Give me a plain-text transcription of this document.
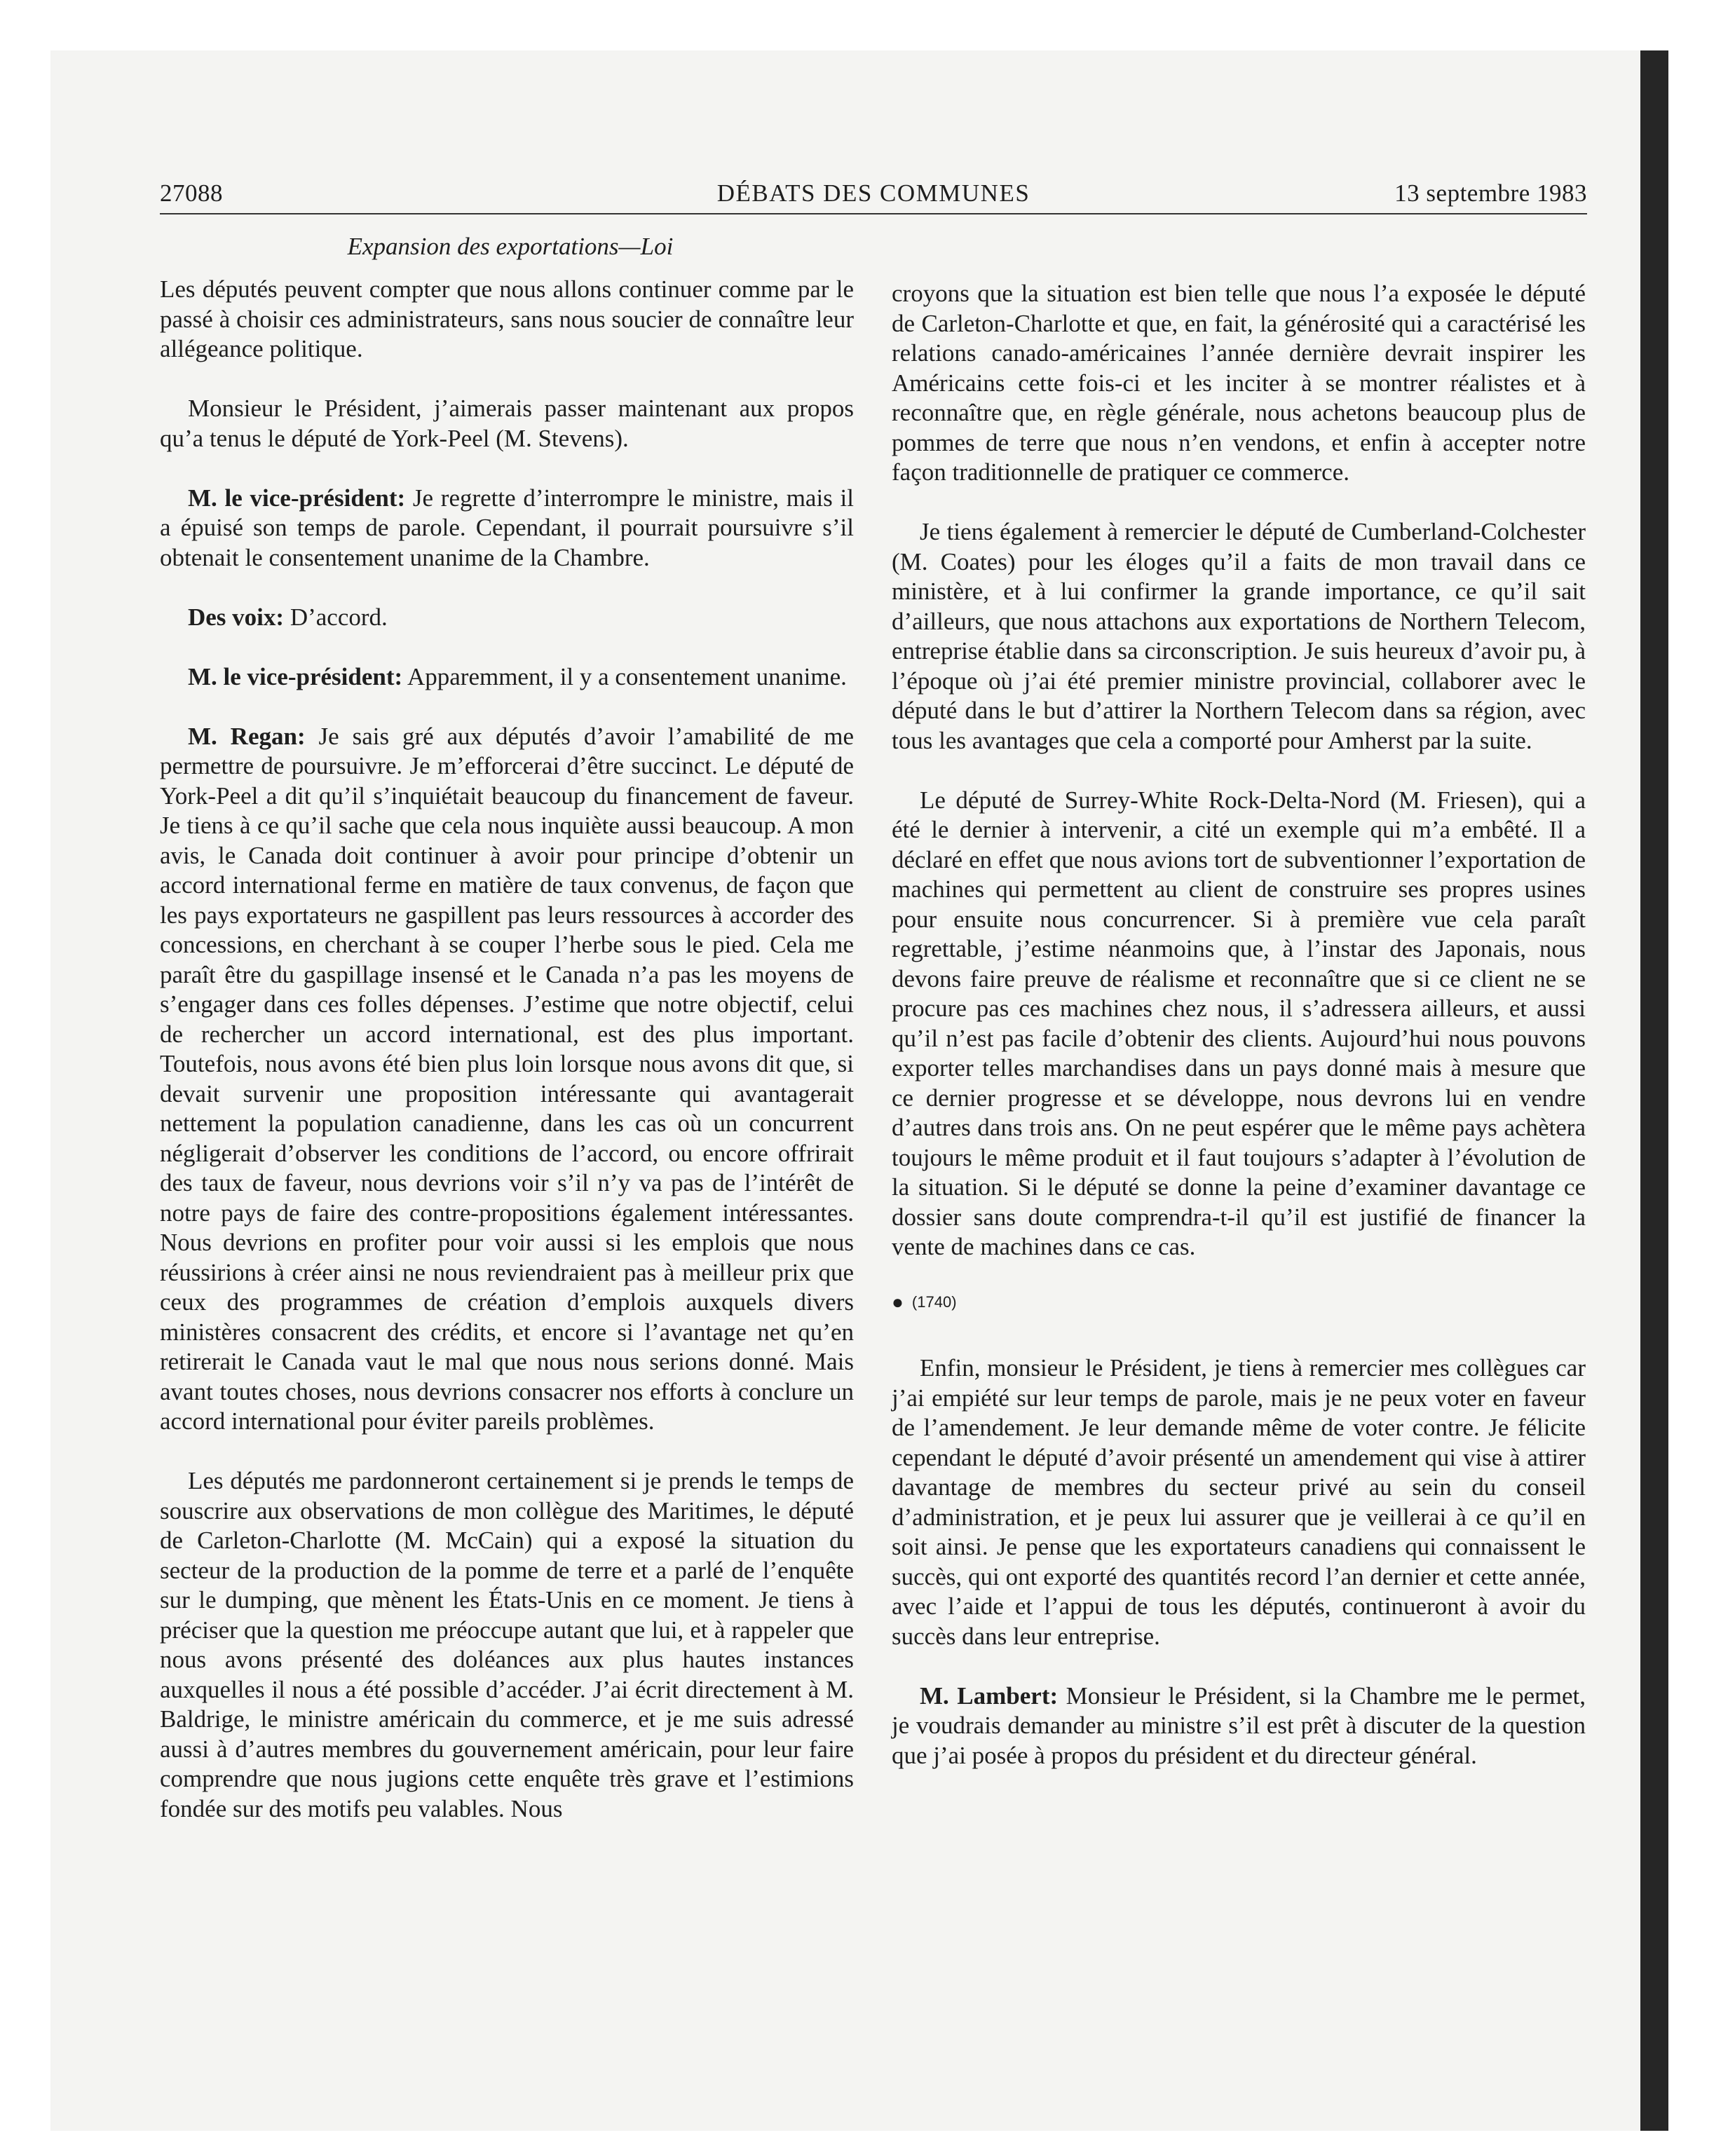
27088	DÉBATS DES COMMUNES	13 septembre 1983
Expansion des exportations—Loi

Les députés peuvent compter que nous allons continuer comme par le passé à choisir ces administrateurs, sans nous soucier de connaître leur allégeance politique.

Monsieur le Président, j’aimerais passer maintenant aux propos qu’a tenus le député de York-Peel (M. Stevens).

M. le vice-président: Je regrette d’interrompre le ministre, mais il a épuisé son temps de parole. Cependant, il pourrait poursuivre s’il obtenait le consentement unanime de la Chambre.

Des voix: D’accord.

M. le vice-président: Apparemment, il y a consentement unanime.

M. Regan: Je sais gré aux députés d’avoir l’amabilité de me permettre de poursuivre. Je m’efforcerai d’être succinct. Le député de York-Peel a dit qu’il s’inquiétait beaucoup du financement de faveur. Je tiens à ce qu’il sache que cela nous inquiète aussi beaucoup. A mon avis, le Canada doit continuer à avoir pour principe d’obtenir un accord international ferme en matière de taux convenus, de façon que les pays exportateurs ne gaspillent pas leurs ressources à accorder des concessions, en cherchant à se couper l’herbe sous le pied. Cela me paraît être du gaspillage insensé et le Canada n’a pas les moyens de s’engager dans ces folles dépenses. J’estime que notre objectif, celui de rechercher un accord international, est des plus important. Toutefois, nous avons été bien plus loin lorsque nous avons dit que, si devait survenir une proposition intéressante qui avantagerait nettement la population canadienne, dans les cas où un concurrent négligerait d’observer les conditions de l’accord, ou encore offrirait des taux de faveur, nous devrions voir s’il n’y va pas de l’intérêt de notre pays de faire des contre-propositions également intéressantes. Nous devrions en profiter pour voir aussi si les emplois que nous réussirions à créer ainsi ne nous reviendraient pas à meilleur prix que ceux des programmes de création d’emplois auxquels divers ministères consacrent des crédits, et encore si l’avantage net qu’en retirerait le Canada vaut le mal que nous nous serions donné. Mais avant toutes choses, nous devrions consacrer nos efforts à conclure un accord international pour éviter pareils problèmes.

Les députés me pardonneront certainement si je prends le temps de souscrire aux observations de mon collègue des Maritimes, le député de Carleton-Charlotte (M. McCain) qui a exposé la situation du secteur de la production de la pomme de terre et a parlé de l’enquête sur le dumping, que mènent les États-Unis en ce moment. Je tiens à préciser que la question me préoccupe autant que lui, et à rappeler que nous avons présenté des doléances aux plus hautes instances auxquelles il nous a été possible d’accéder. J’ai écrit directement à M. Baldrige, le ministre américain du commerce, et je me suis adressé aussi à d’autres membres du gouvernement américain, pour leur faire comprendre que nous jugions cette enquête très grave et l’estimions fondée sur des motifs peu valables. Nous

croyons que la situation est bien telle que nous l’a exposée le député de Carleton-Charlotte et que, en fait, la générosité qui a caractérisé les relations canado-américaines l’année dernière devrait inspirer les Américains cette fois-ci et les inciter à se montrer réalistes et à reconnaître que, en règle générale, nous achetons beaucoup plus de pommes de terre que nous n’en vendons, et enfin à accepter notre façon traditionnelle de pratiquer ce commerce.

Je tiens également à remercier le député de Cumberland-Colchester (M. Coates) pour les éloges qu’il a faits de mon travail dans ce ministère, et à lui confirmer la grande importance, ce qu’il sait d’ailleurs, que nous attachons aux exportations de Northern Telecom, entreprise établie dans sa circonscription. Je suis heureux d’avoir pu, à l’époque où j’ai été premier ministre provincial, collaborer avec le député dans le but d’attirer la Northern Telecom dans sa région, avec tous les avantages que cela a comporté pour Amherst par la suite.

Le député de Surrey-White Rock-Delta-Nord (M. Friesen), qui a été le dernier à intervenir, a cité un exemple qui m’a embêté. Il a déclaré en effet que nous avions tort de subventionner l’exportation de machines qui permettent au client de construire ses propres usines pour ensuite nous concurrencer. Si à première vue cela paraît regrettable, j’estime néanmoins que, à l’instar des Japonais, nous devons faire preuve de réalisme et reconnaître que si ce client ne se procure pas ces machines chez nous, il s’adressera ailleurs, et aussi qu’il n’est pas facile d’obtenir des clients. Aujourd’hui nous pouvons exporter telles marchandises dans un pays donné mais à mesure que ce dernier progresse et se développe, nous devrons lui en vendre d’autres dans trois ans. On ne peut espérer que le même pays achètera toujours le même produit et il faut toujours s’adapter à l’évolution de la situation. Si le député se donne la peine d’examiner davantage ce dossier sans doute comprendra-t-il qu’il est justifié de financer la vente de machines dans ce cas.

● (1740)

Enfin, monsieur le Président, je tiens à remercier mes collègues car j’ai empiété sur leur temps de parole, mais je ne peux voter en faveur de l’amendement. Je leur demande même de voter contre. Je félicite cependant le député d’avoir présenté un amendement qui vise à attirer davantage de membres du secteur privé au sein du conseil d’administration, et je peux lui assurer que je veillerai à ce qu’il en soit ainsi. Je pense que les exportateurs canadiens qui connaissent le succès, qui ont exporté des quantités record l’an dernier et cette année, avec l’aide et l’appui de tous les députés, continueront à avoir du succès dans leur entreprise.

M. Lambert: Monsieur le Président, si la Chambre me le permet, je voudrais demander au ministre s’il est prêt à discuter de la question que j’ai posée à propos du président et du directeur général.
